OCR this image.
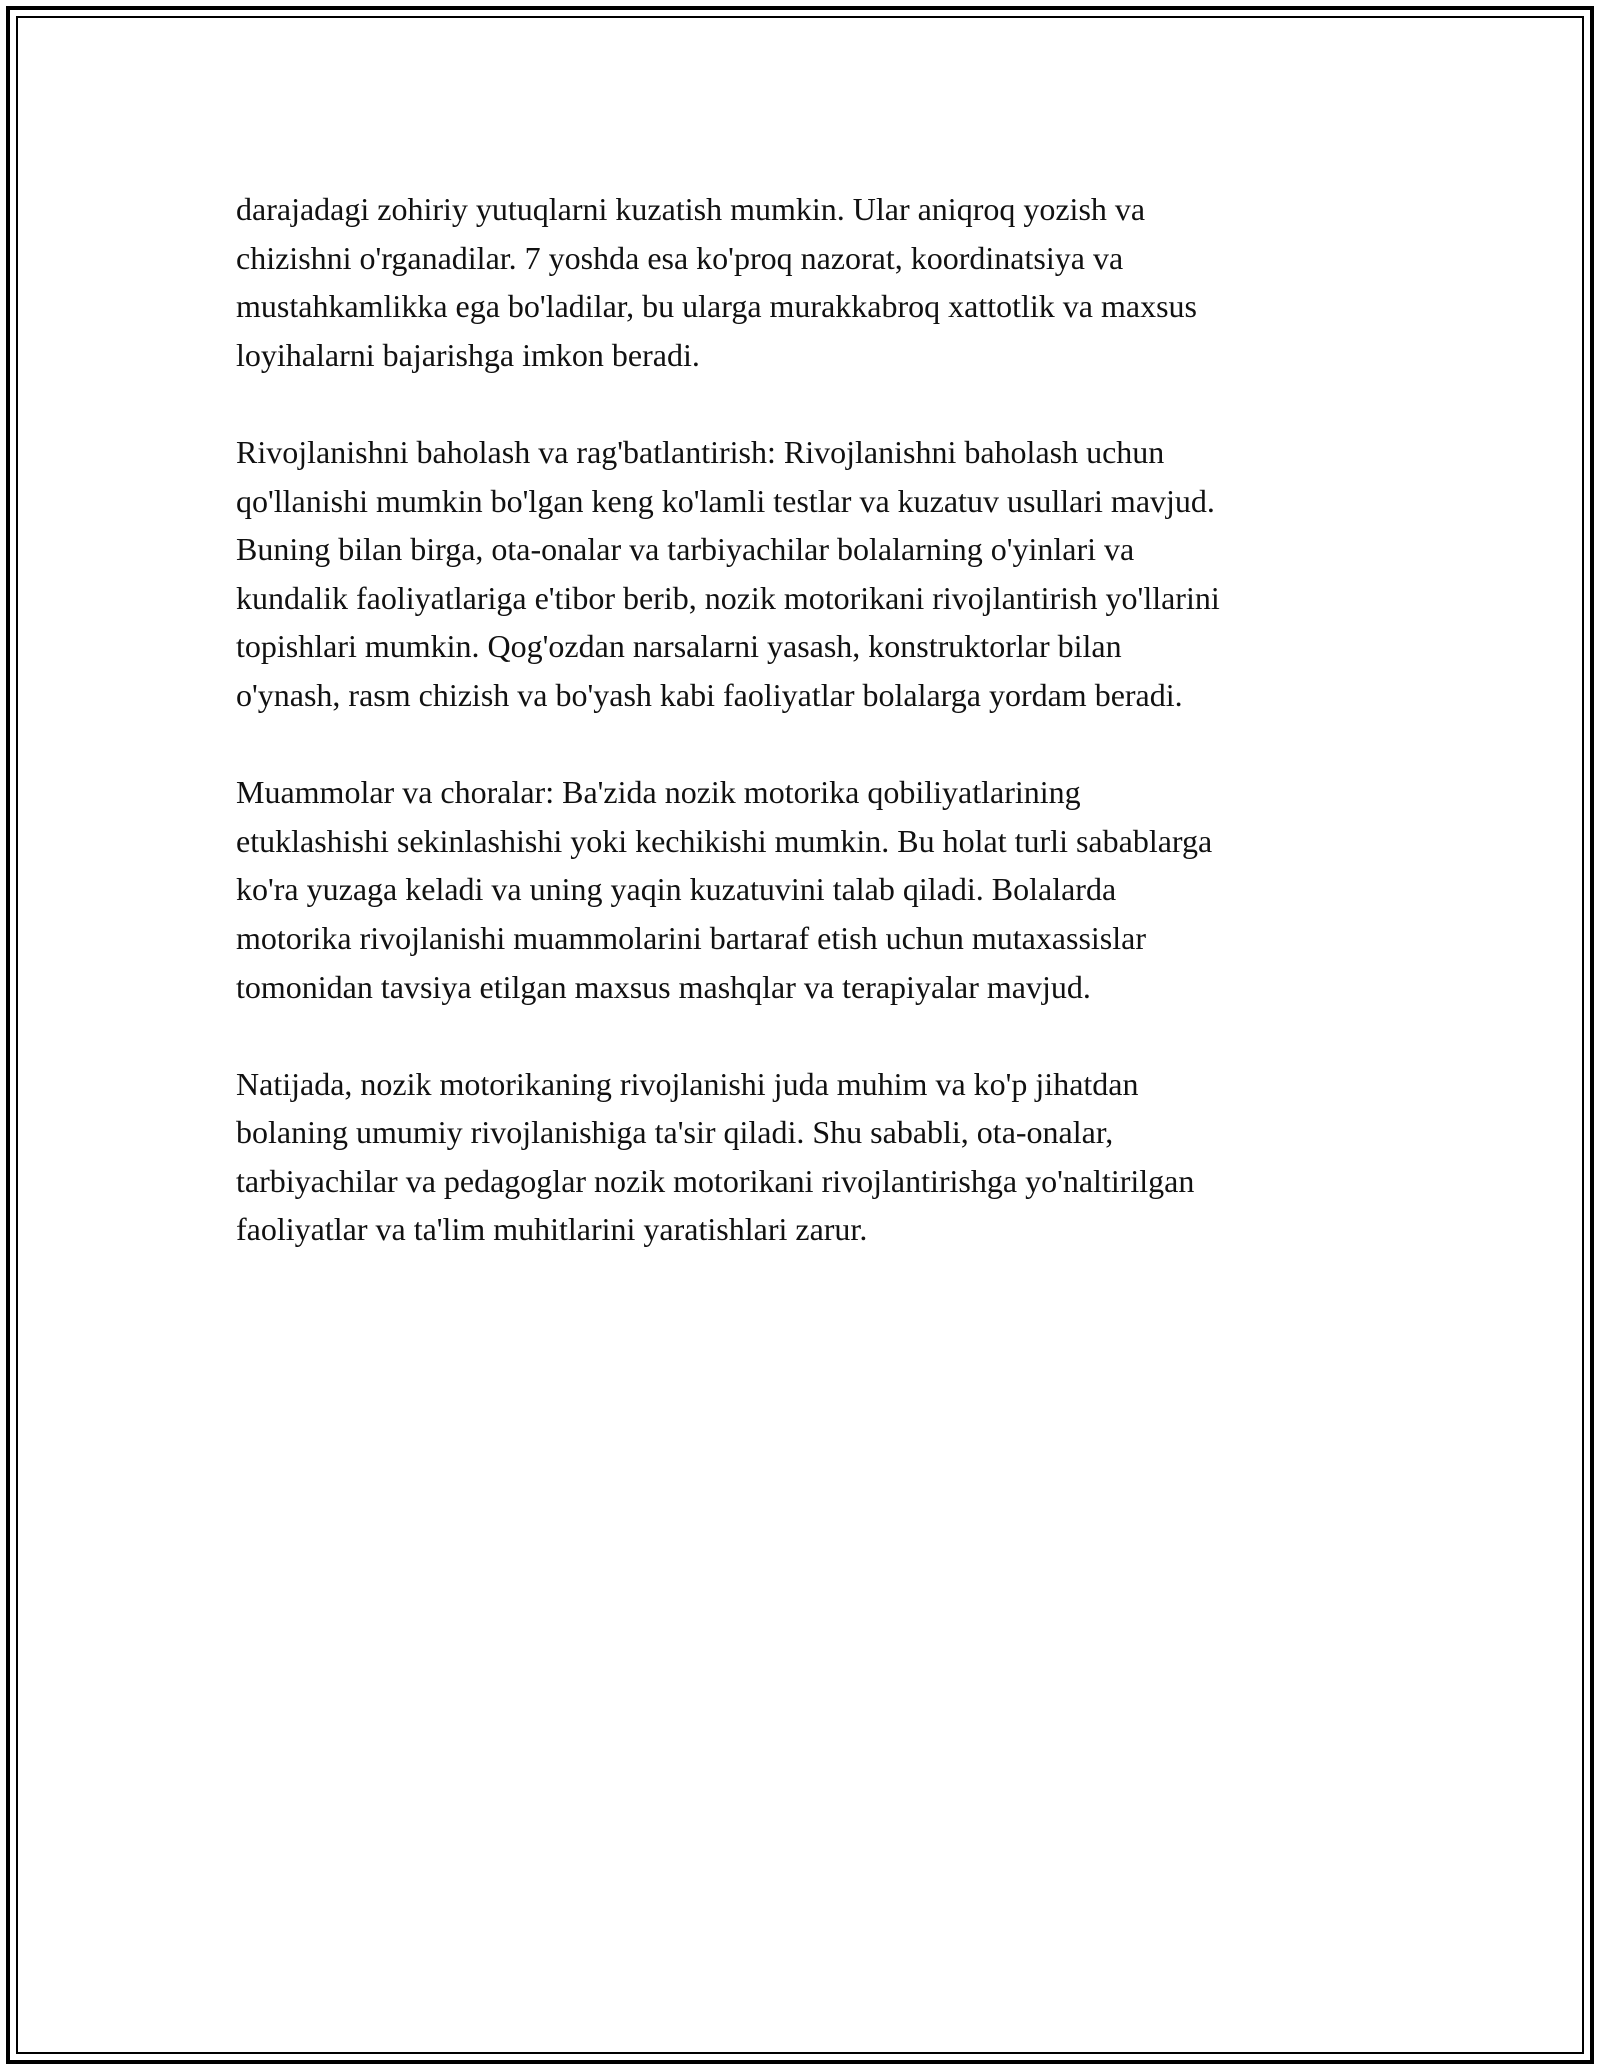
darajadagi zohiriy yutuqlarni kuzatish mumkin. Ular aniqroq yozish va
chizishni o'rganadilar. 7 yoshda esa ko'proq nazorat, koordinatsiya va
mustahkamlikka ega bo'ladilar, bu ularga murakkabroq xattotlik va maxsus
loyihalarni bajarishga imkon beradi.

Rivojlanishni baholash va rag'batlantirish: Rivojlanishni baholash uchun
qo'llanishi mumkin bo'lgan keng ko'lamli testlar va kuzatuv usullari mavjud.
Buning bilan birga, ota-onalar va tarbiyachilar bolalarning o'yinlari va
kundalik faoliyatlariga e'tibor berib, nozik motorikani rivojlantirish yo'llarini
topishlari mumkin. Qog'ozdan narsalarni yasash, konstruktorlar bilan
o'ynash, rasm chizish va bo'yash kabi faoliyatlar bolalarga yordam beradi.

Muammolar va choralar: Ba'zida nozik motorika qobiliyatlarining
etuklashishi sekinlashishi yoki kechikishi mumkin. Bu holat turli sabablarga
ko'ra yuzaga keladi va uning yaqin kuzatuvini talab qiladi. Bolalarda
motorika rivojlanishi muammolarini bartaraf etish uchun mutaxassislar
tomonidan tavsiya etilgan maxsus mashqlar va terapiyalar mavjud.

Natijada, nozik motorikaning rivojlanishi juda muhim va ko'p jihatdan
bolaning umumiy rivojlanishiga ta'sir qiladi. Shu sababli, ota-onalar,
tarbiyachilar va pedagoglar nozik motorikani rivojlantirishga yo'naltirilgan
faoliyatlar va ta'lim muhitlarini yaratishlari zarur.
